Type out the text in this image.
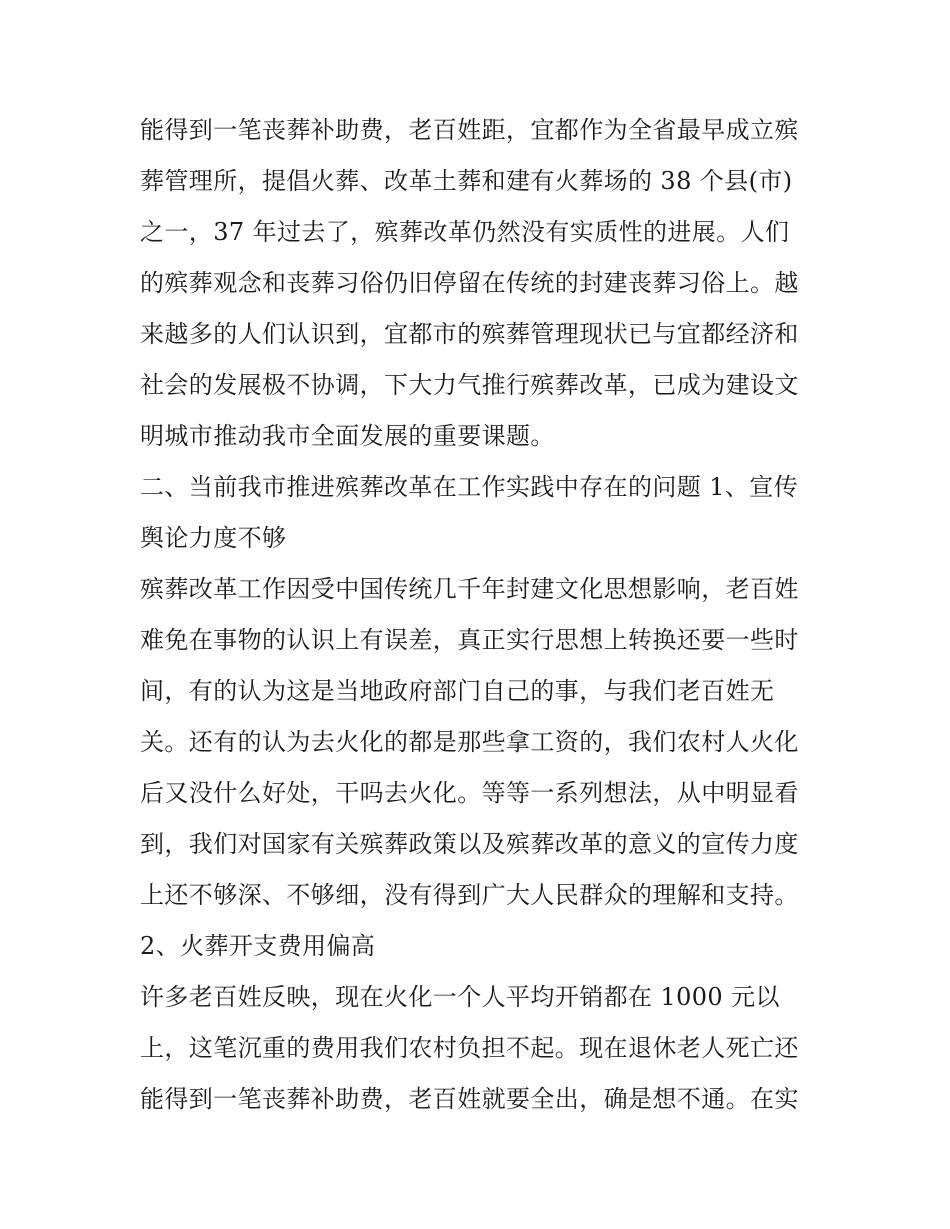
能得到一笔丧葬补助费，老百姓距，宜都作为全省最早成立殡
葬管理所，提倡火葬、改革土葬和建有火葬场的 38 个县(市)
之一，37 年过去了，殡葬改革仍然没有实质性的进展。人们
的殡葬观念和丧葬习俗仍旧停留在传统的封建丧葬习俗上。越
来越多的人们认识到，宜都市的殡葬管理现状已与宜都经济和
社会的发展极不协调，下大力气推行殡葬改革，已成为建设文
明城市推动我市全面发展的重要课题。
二、当前我市推进殡葬改革在工作实践中存在的问题 1、宣传
舆论力度不够
殡葬改革工作因受中国传统几千年封建文化思想影响，老百姓
难免在事物的认识上有误差，真正实行思想上转换还要一些时
间，有的认为这是当地政府部门自己的事，与我们老百姓无
关。还有的认为去火化的都是那些拿工资的，我们农村人火化
后又没什么好处，干吗去火化。等等一系列想法，从中明显看
到，我们对国家有关殡葬政策以及殡葬改革的意义的宣传力度
上还不够深、不够细，没有得到广大人民群众的理解和支持。
2、火葬开支费用偏高
许多老百姓反映，现在火化一个人平均开销都在 1000 元以
上，这笔沉重的费用我们农村负担不起。现在退休老人死亡还
能得到一笔丧葬补助费，老百姓就要全出，确是想不通。在实
